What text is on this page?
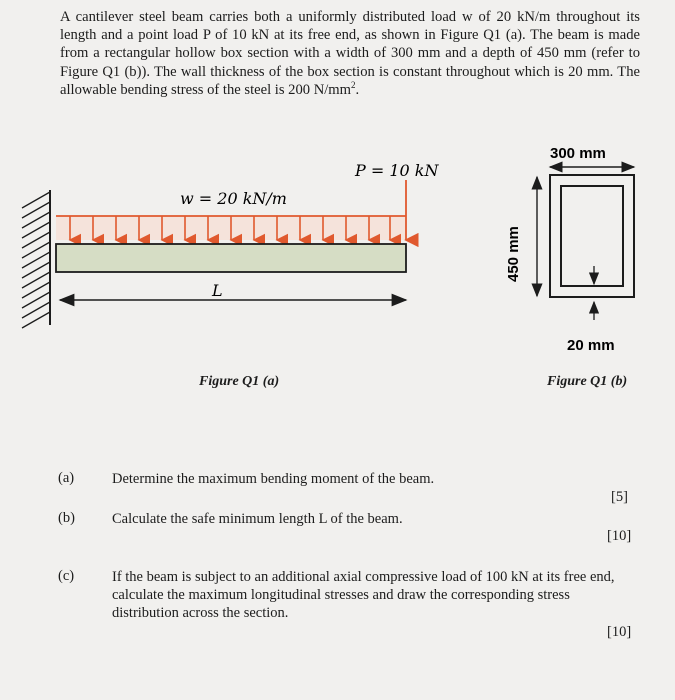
A cantilever steel beam carries both a uniformly distributed load w of 20 kN/m throughout its length and a point load P of 10 kN at its free end, as shown in Figure Q1 (a). The beam is made from a rectangular hollow box section with a width of 300 mm and a depth of 450 mm (refer to Figure Q1 (b)). The wall thickness of the box section is constant throughout which is 20 mm. The allowable bending stress of the steel is 200 $N/mm^2$.

w = 20 kN/m
P = 10 kN
L
300 mm
450 mm
20 mm
Figure Q1 (a)	Figure Q1 (b)
(a)	Determine the maximum bending moment of the beam.
[5]
(b)	Calculate the safe minimum length L of the beam.
[10]
(c)	If the beam is subject to an additional axial compressive load of 100 kN at its free end, calculate the maximum longitudinal stresses and draw the corresponding stress distribution across the section.
[10]
